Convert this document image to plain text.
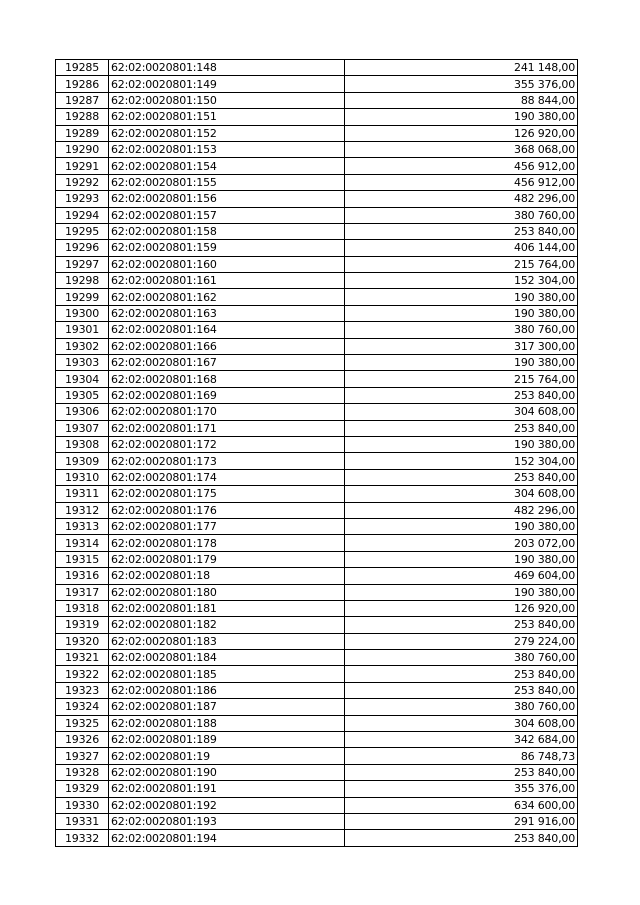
19285	62:02:0020801:148	241 148,00
19286	62:02:0020801:149	355 376,00
19287	62:02:0020801:150	88 844,00
19288	62:02:0020801:151	190 380,00
19289	62:02:0020801:152	126 920,00
19290	62:02:0020801:153	368 068,00
19291	62:02:0020801:154	456 912,00
19292	62:02:0020801:155	456 912,00
19293	62:02:0020801:156	482 296,00
19294	62:02:0020801:157	380 760,00
19295	62:02:0020801:158	253 840,00
19296	62:02:0020801:159	406 144,00
19297	62:02:0020801:160	215 764,00
19298	62:02:0020801:161	152 304,00
19299	62:02:0020801:162	190 380,00
19300	62:02:0020801:163	190 380,00
19301	62:02:0020801:164	380 760,00
19302	62:02:0020801:166	317 300,00
19303	62:02:0020801:167	190 380,00
19304	62:02:0020801:168	215 764,00
19305	62:02:0020801:169	253 840,00
19306	62:02:0020801:170	304 608,00
19307	62:02:0020801:171	253 840,00
19308	62:02:0020801:172	190 380,00
19309	62:02:0020801:173	152 304,00
19310	62:02:0020801:174	253 840,00
19311	62:02:0020801:175	304 608,00
19312	62:02:0020801:176	482 296,00
19313	62:02:0020801:177	190 380,00
19314	62:02:0020801:178	203 072,00
19315	62:02:0020801:179	190 380,00
19316	62:02:0020801:18	469 604,00
19317	62:02:0020801:180	190 380,00
19318	62:02:0020801:181	126 920,00
19319	62:02:0020801:182	253 840,00
19320	62:02:0020801:183	279 224,00
19321	62:02:0020801:184	380 760,00
19322	62:02:0020801:185	253 840,00
19323	62:02:0020801:186	253 840,00
19324	62:02:0020801:187	380 760,00
19325	62:02:0020801:188	304 608,00
19326	62:02:0020801:189	342 684,00
19327	62:02:0020801:19	86 748,73
19328	62:02:0020801:190	253 840,00
19329	62:02:0020801:191	355 376,00
19330	62:02:0020801:192	634 600,00
19331	62:02:0020801:193	291 916,00
19332	62:02:0020801:194	253 840,00
